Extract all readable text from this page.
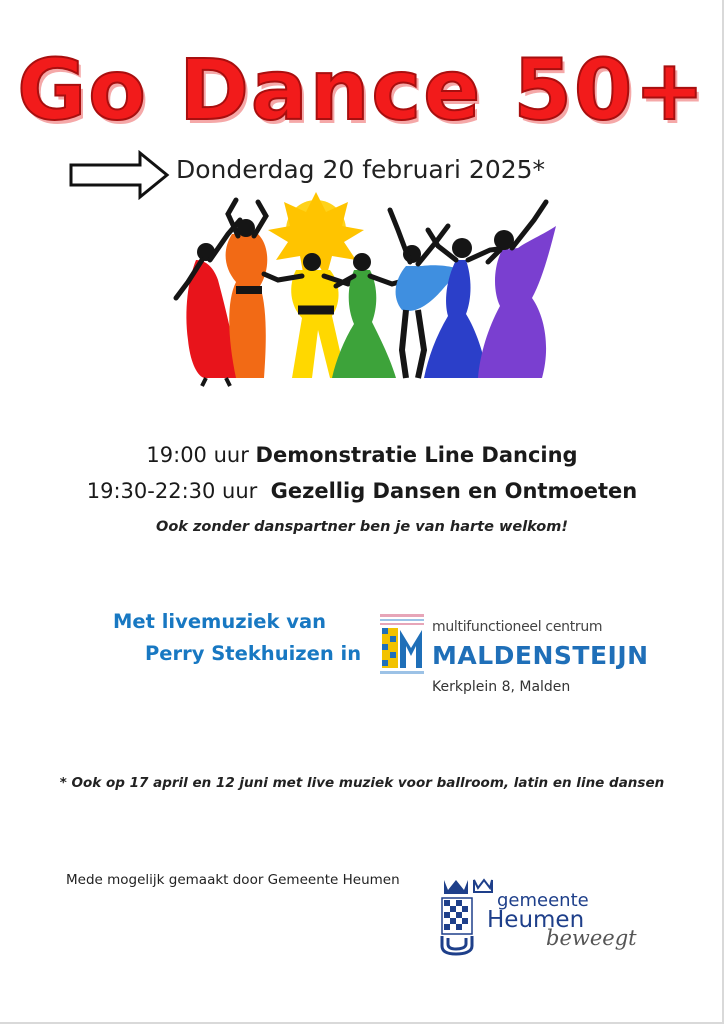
Go Dance 50+
Donderdag 20 februari 2025*
19:00 uur Demonstratie Line Dancing
19:30-22:30 uur Gezellig Dansen en Ontmoeten
Ook zonder danspartner ben je van harte welkom!
Met livemuziek van
Perry Stekhuizen in
multifunctioneel centrum
MALDENSTEIJN
Kerkplein 8, Malden
* Ook op 17 april en 12 juni met live muziek voor ballroom, latin en line dansen
Mede mogelijk gemaakt door Gemeente Heumen
gemeente
Heumen
beweegt
